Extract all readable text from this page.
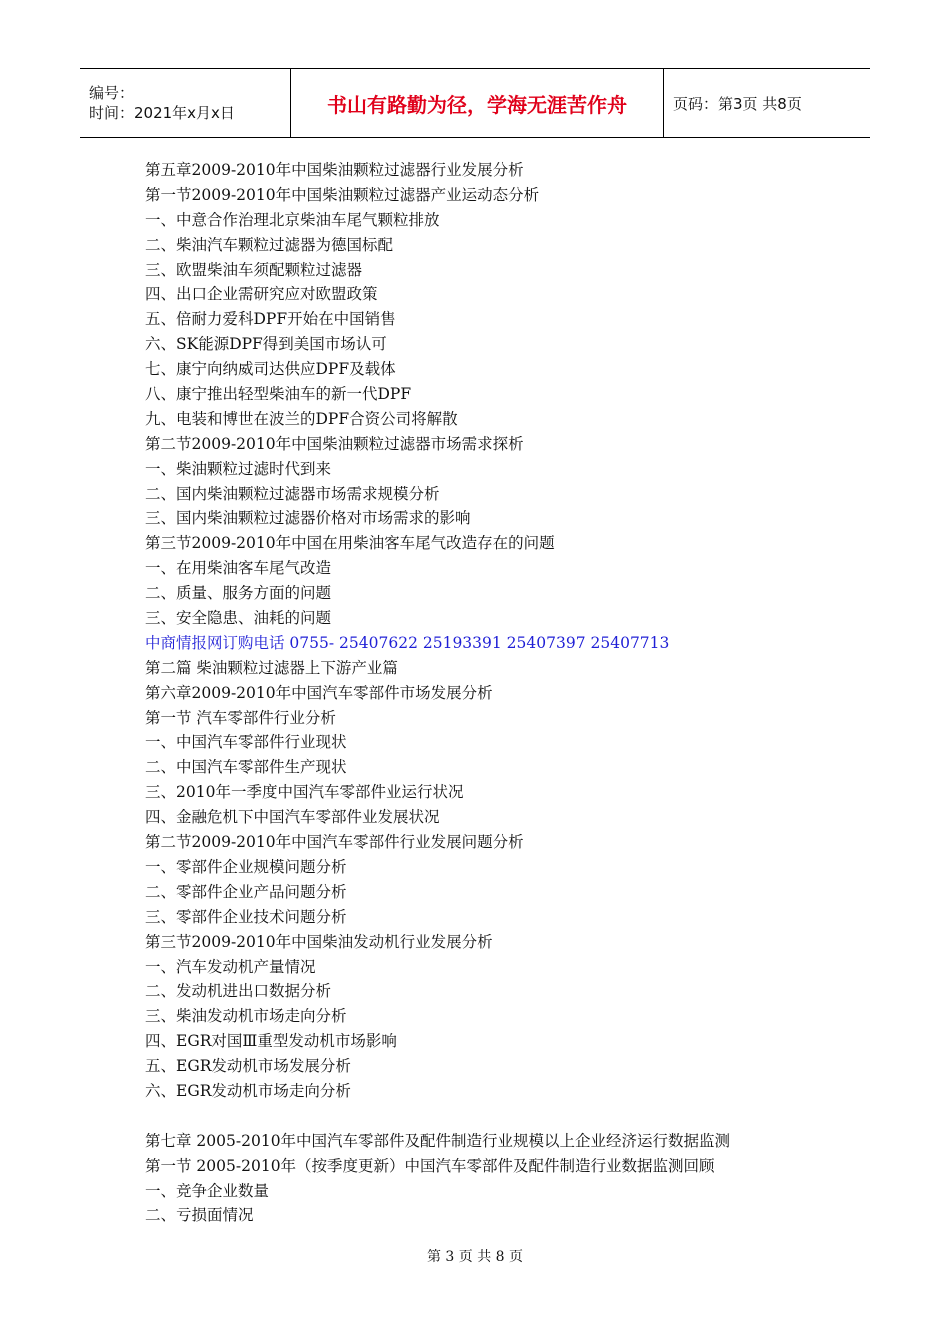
编号：
时间：2021年x月x日	书山有路勤为径，学海无涯苦作舟	页码：第3页 共8页
第五章2009-2010年中国柴油颗粒过滤器行业发展分析
第一节2009-2010年中国柴油颗粒过滤器产业运动态分析
一、中意合作治理北京柴油车尾气颗粒排放
二、柴油汽车颗粒过滤器为德国标配
三、欧盟柴油车须配颗粒过滤器
四、出口企业需研究应对欧盟政策
五、倍耐力爱科DPF开始在中国销售
六、SK能源DPF得到美国市场认可
七、康宁向纳威司达供应DPF及载体
八、康宁推出轻型柴油车的新一代DPF
九、电装和博世在波兰的DPF合资公司将解散
第二节2009-2010年中国柴油颗粒过滤器市场需求探析
一、柴油颗粒过滤时代到来
二、国内柴油颗粒过滤器市场需求规模分析
三、国内柴油颗粒过滤器价格对市场需求的影响
第三节2009-2010年中国在用柴油客车尾气改造存在的问题
一、在用柴油客车尾气改造
二、质量、服务方面的问题
三、安全隐患、油耗的问题
中商情报网订购电话 0755- 25407622 25193391 25407397 25407713
第二篇 柴油颗粒过滤器上下游产业篇
第六章2009-2010年中国汽车零部件市场发展分析
第一节 汽车零部件行业分析
一、中国汽车零部件行业现状
二、中国汽车零部件生产现状
三、2010年一季度中国汽车零部件业运行状况
四、金融危机下中国汽车零部件业发展状况
第二节2009-2010年中国汽车零部件行业发展问题分析
一、零部件企业规模问题分析
二、零部件企业产品问题分析
三、零部件企业技术问题分析
第三节2009-2010年中国柴油发动机行业发展分析
一、汽车发动机产量情况
二、发动机进出口数据分析
三、柴油发动机市场走向分析
四、EGR对国Ⅲ重型发动机市场影响
五、EGR发动机市场发展分析
六、EGR发动机市场走向分析
第七章 2005-2010年中国汽车零部件及配件制造行业规模以上企业经济运行数据监测
第一节 2005-2010年（按季度更新）中国汽车零部件及配件制造行业数据监测回顾
一、竞争企业数量
二、亏损面情况
第 3 页 共 8 页
